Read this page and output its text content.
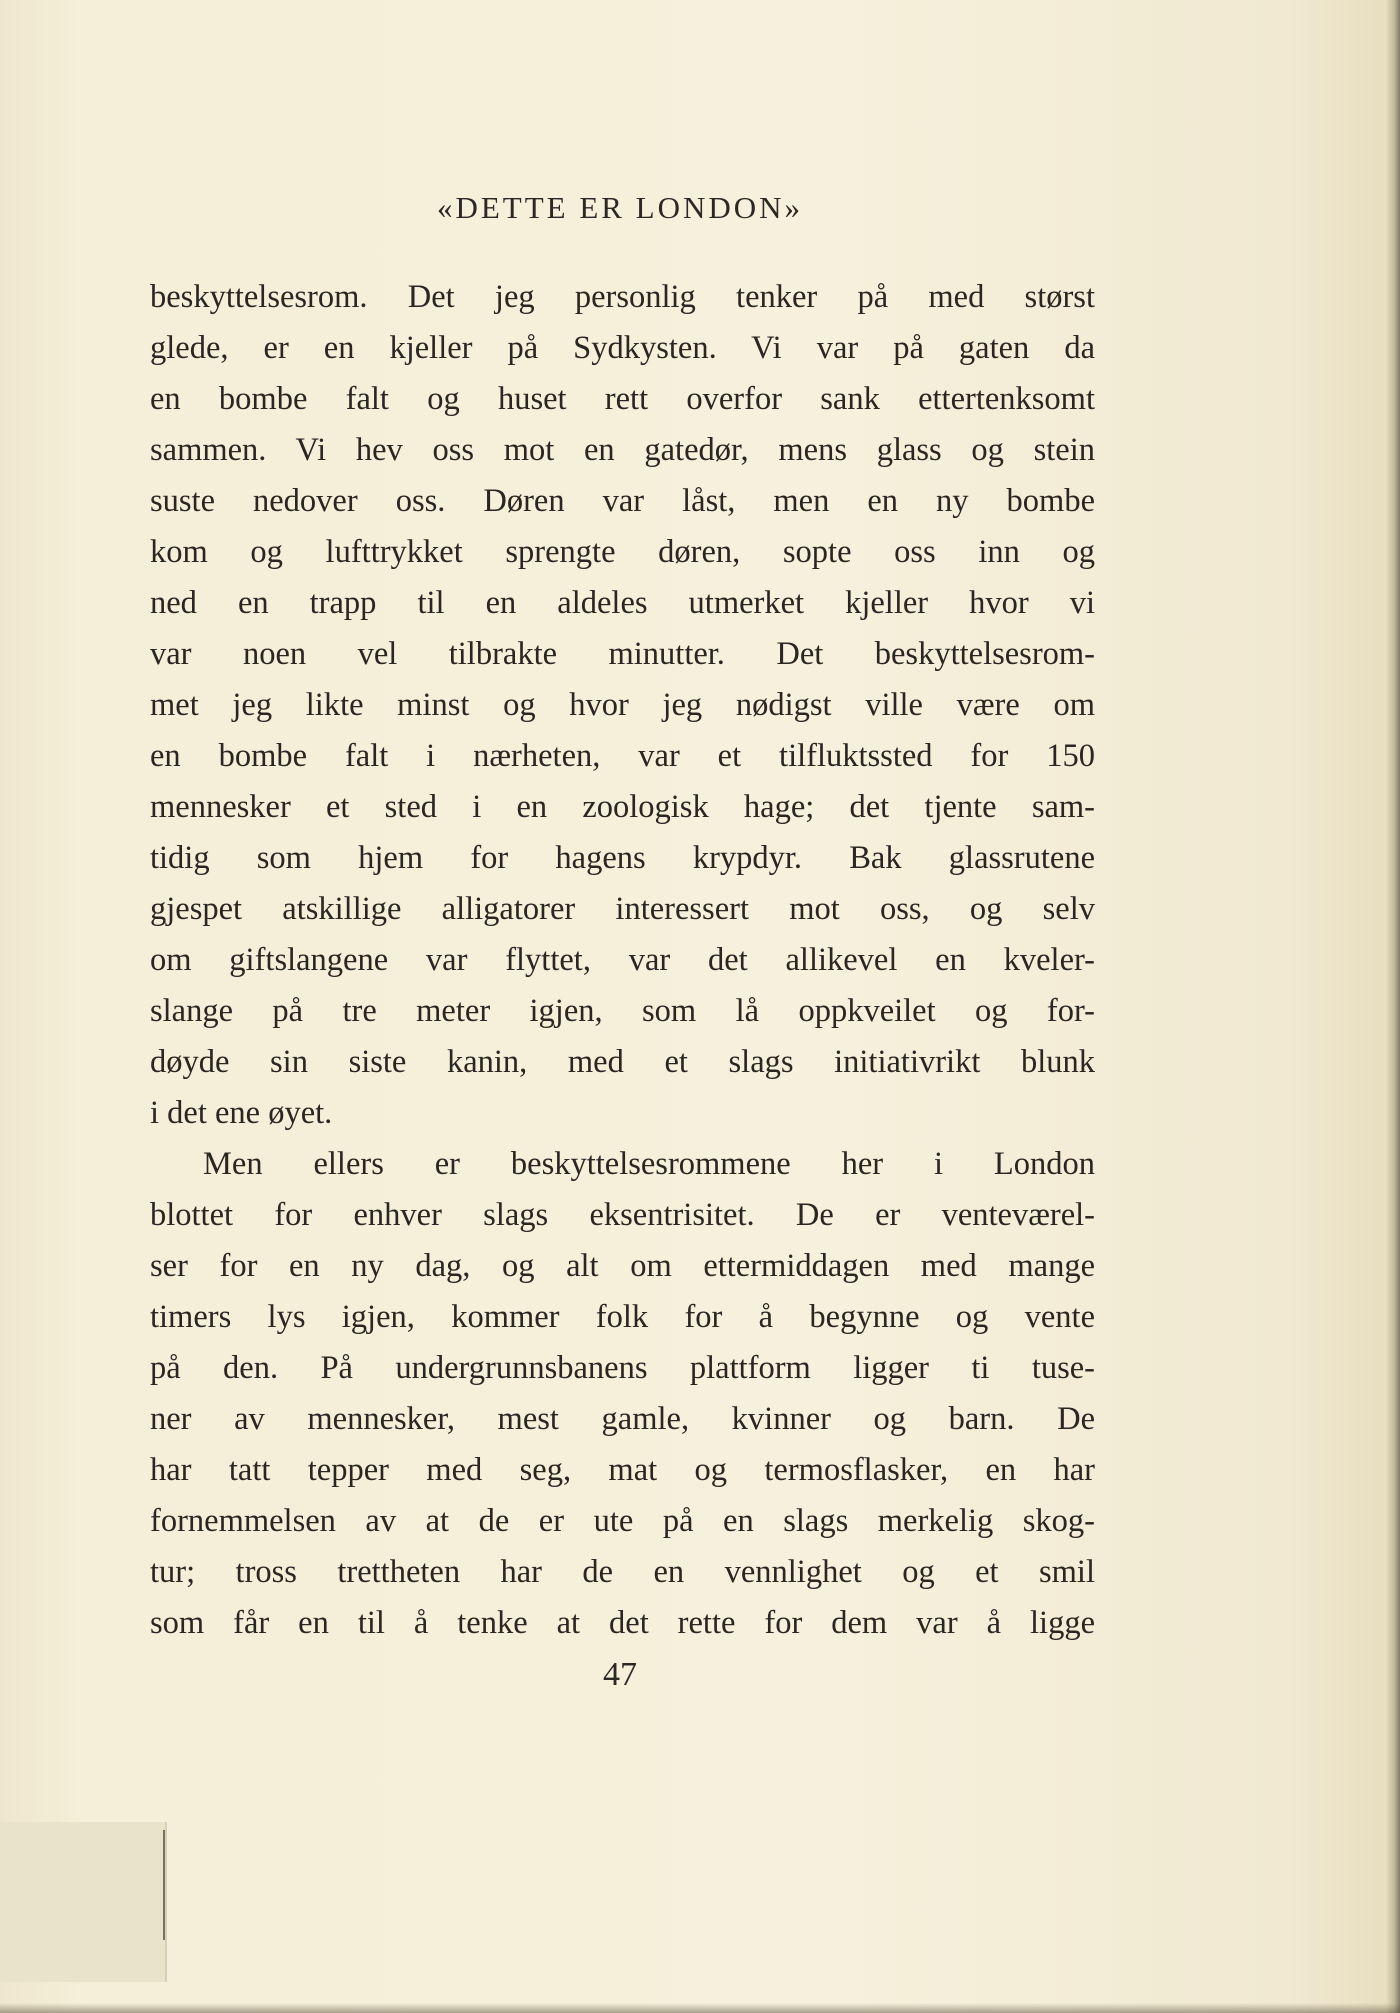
«DETTE ER LONDON»
beskyttelsesrom. Det jeg personlig tenker på med størst
glede, er en kjeller på Sydkysten. Vi var på gaten da
en bombe falt og huset rett overfor sank ettertenksomt
sammen. Vi hev oss mot en gatedør, mens glass og stein
suste nedover oss. Døren var låst, men en ny bombe
kom og lufttrykket sprengte døren, sopte oss inn og
ned en trapp til en aldeles utmerket kjeller hvor vi
var noen vel tilbrakte minutter. Det beskyttelsesrom-
met jeg likte minst og hvor jeg nødigst ville være om
en bombe falt i nærheten, var et tilfluktssted for 150
mennesker et sted i en zoologisk hage; det tjente sam-
tidig som hjem for hagens krypdyr. Bak glassrutene
gjespet atskillige alligatorer interessert mot oss, og selv
om giftslangene var flyttet, var det allikevel en kveler-
slange på tre meter igjen, som lå oppkveilet og for-
døyde sin siste kanin, med et slags initiativrikt blunk
i det ene øyet.
Men ellers er beskyttelsesrommene her i London
blottet for enhver slags eksentrisitet. De er venteværel-
ser for en ny dag, og alt om ettermiddagen med mange
timers lys igjen, kommer folk for å begynne og vente
på den. På undergrunnsbanens plattform ligger ti tuse-
ner av mennesker, mest gamle, kvinner og barn. De
har tatt tepper med seg, mat og termosflasker, en har
fornemmelsen av at de er ute på en slags merkelig skog-
tur; tross trettheten har de en vennlighet og et smil
som får en til å tenke at det rette for dem var å ligge
47
